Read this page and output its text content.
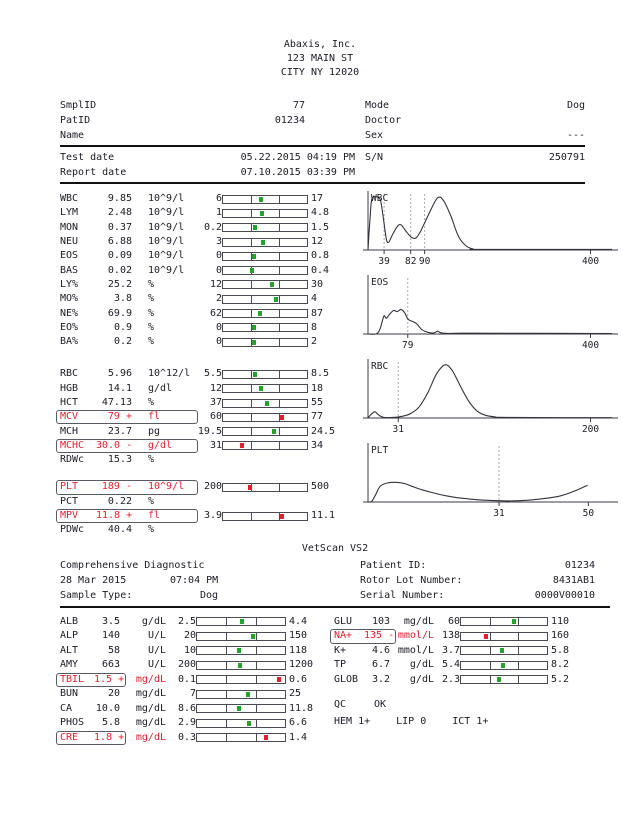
Abaxis, Inc.
123 MAIN ST
CITY NY 12020
SmplID	77	Mode	Dog
PatID	01234	Doctor
Name	Sex	---
Test date	05.22.2015 04:19 PM S/N	250791
Report date	07.10.2015 03:39 PM
WBC	9.85 10^9/l	6	17
LYM	2.48 10^9/l	1	4.8
MON	0.37 10^9/l	0.2	1.5
NEU	6.88 10^9/l	3	12
EOS	0.09 10^9/l	0	0.8
BAS	0.02 10^9/l	0	0.4
LY%	25.2 %	12	30
MO%	3.8 %	2	4
NE%	69.9 %	62	87
EO%	0.9 %	0	8
BA%	0.2 %	0	2
RBC	5.96 10^12/l	5.5	8.5
HGB	14.1 g/dl	12	18
HCT	47.13 %	37	55
MCV	79 + fl	60	77
MCH	23.7 pg	19.5	24.5
MCHC	30.0 - g/dl	31	34
RDWc	15.3 %
PLT	189 - 10^9/l	200	500
PCT	0.22 %
MPV	11.8 + fl	3.9	11.1
PDWc	40.4 %
39 82 90	400
WBC
79	400
EOS
31	200
RBC
31	50
PLT
VetScan VS2
Comprehensive Diagnostic
28 Mar 2015	07:04 PM
Sample Type:	Dog
Patient ID:	01234
Rotor Lot Number:	8431AB1
Serial Number:	0000V00010
ALB	3.5	g/dL	2.5	4.4
ALP	140	U/L	20	150
ALT	58	U/L	10	118
AMY	663	U/L	200	1200
TBIL 1.5 +	mg/dL	0.1	0.6
BUN	20	mg/dL	7	25
CA	10.0	mg/dL	8.6	11.8
PHOS	5.8	mg/dL	2.9	6.6
CRE	1.8 +	mg/dL	0.3	1.4
GLU	103	mg/dL	60	110
NA+	135 - mmol/L 138	160
K+	4.6 mmol/L 3.7	5.8
TP	6.7	g/dL 5.4	8.2
GLOB	3.2	g/dL 2.3	5.2
QC	OK
HEM 1+	LIP 0	ICT 1+
